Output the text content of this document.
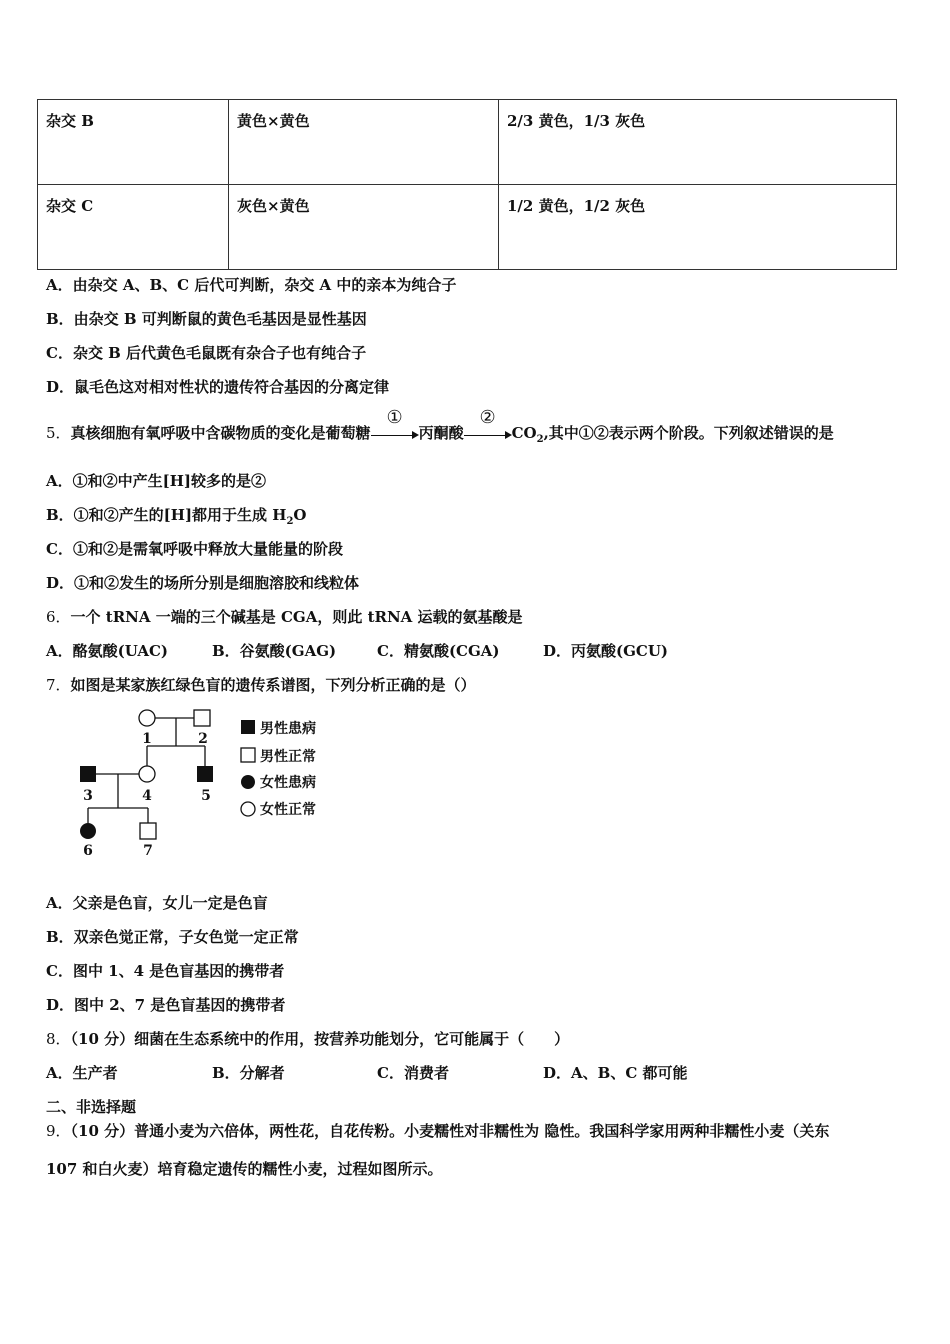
杂交 B	黄色×黄色	2/3 黄色，1/3 灰色
杂交 C	灰色×黄色	1/2 黄色，1/2 灰色
A．由杂交 A、B、C 后代可判断，杂交 A 中的亲本为纯合子
B．由杂交 B 可判断鼠的黄色毛基因是显性基因
C．杂交 B 后代黄色毛鼠既有杂合子也有纯合子
D．鼠毛色这对相对性状的遗传符合基因的分离定律
5．真核细胞有氧呼吸中含碳物质的变化是葡萄糖
①
丙酮酸
②
$CO_2$,其中①②表示两个阶段。下列叙述错误的是
A．①和②中产生[H]较多的是②
B．①和②产生的[H]都用于生成 $H_2O$
C．①和②是需氧呼吸中释放大量能量的阶段
D．①和②发生的场所分别是细胞溶胶和线粒体
6．一个 tRNA 一端的三个碱基是 CGA，则此 tRNA 运载的氨基酸是
A．酪氨酸(UAC)	B．谷氨酸(GAG)	C．精氨酸(CGA)	D．丙氨酸(GCU)
7．如图是某家族红绿色盲的遗传系谱图，下列分析正确的是（）
1	2
3	4	5
6	7
男性患病
男性正常
女性患病
女性正常
A．父亲是色盲，女儿一定是色盲
B．双亲色觉正常，子女色觉一定正常
C．图中 1、4 是色盲基因的携带者
D．图中 2、7 是色盲基因的携带者
8．（10 分）细菌在生态系统中的作用，按营养功能划分，它可能属于（　　）
A．生产者	B．分解者	C．消费者	D．A、B、C 都可能
二、非选择题
9．（10 分）普通小麦为六倍体，两性花，自花传粉。小麦糯性对非糯性为 隐性。我国科学家用两种非糯性小麦（关东
107 和白火麦）培育稳定遗传的糯性小麦，过程如图所示。
